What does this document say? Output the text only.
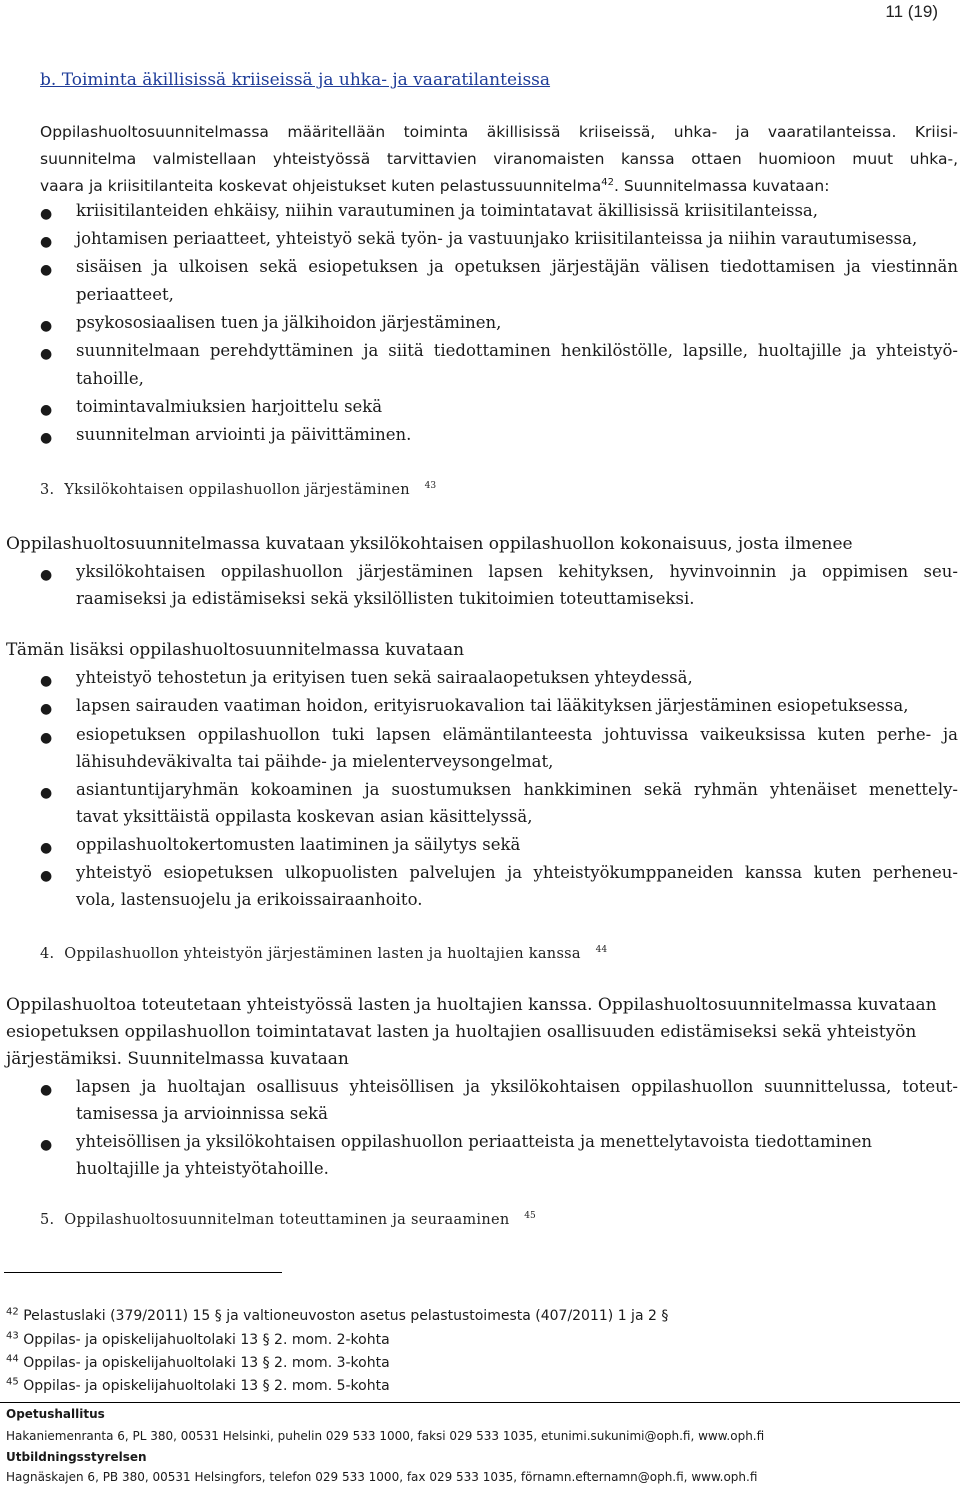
11 (19)
b. Toiminta äkillisissä kriiseissä ja uhka- ja vaaratilanteissa
Oppilashuoltosuunnitelmassa määritellään toiminta äkillisissä kriiseissä, uhka- ja vaaratilanteissa. Kriisi-
suunnitelma valmistellaan yhteistyössä tarvittavien viranomaisten kanssa ottaen huomioon muut uhka-,
vaara ja kriisitilanteita koskevat ohjeistukset kuten pelastussuunnitelma$^{42}$. Suunnitelmassa kuvataan:
● kriisitilanteiden ehkäisy, niihin varautuminen ja toimintatavat äkillisissä kriisitilanteissa,
● johtamisen periaatteet, yhteistyö sekä työn- ja vastuunjako kriisitilanteissa ja niihin varautumisessa,
● sisäisen ja ulkoisen sekä esiopetuksen ja opetuksen järjestäjän välisen tiedottamisen ja viestinnän
periaatteet,
● psykososiaalisen tuen ja jälkihoidon järjestäminen,
● suunnitelmaan perehdyttäminen ja siitä tiedottaminen henkilöstölle, lapsille, huoltajille ja yhteistyö-
tahoille,
● toimintavalmiuksien harjoittelu sekä
● suunnitelman arviointi ja päivittäminen.
3. Yksilökohtaisen oppilashuollon järjestäminen $^{43}$
Oppilashuoltosuunnitelmassa kuvataan yksilökohtaisen oppilashuollon kokonaisuus, josta ilmenee
● yksilökohtaisen oppilashuollon järjestäminen lapsen kehityksen, hyvinvoinnin ja oppimisen seu-
raamiseksi ja edistämiseksi sekä yksilöllisten tukitoimien toteuttamiseksi.
Tämän lisäksi oppilashuoltosuunnitelmassa kuvataan
● yhteistyö tehostetun ja erityisen tuen sekä sairaalaopetuksen yhteydessä,
● lapsen sairauden vaatiman hoidon, erityisruokavalion tai lääkityksen järjestäminen esiopetuksessa,
● esiopetuksen oppilashuollon tuki lapsen elämäntilanteesta johtuvissa vaikeuksissa kuten perhe- ja
lähisuhdeväkivalta tai päihde- ja mielenterveysongelmat,
● asiantuntijaryhmän kokoaminen ja suostumuksen hankkiminen sekä ryhmän yhtenäiset menettely-
tavat yksittäistä oppilasta koskevan asian käsittelyssä,
● oppilashuoltokertomusten laatiminen ja säilytys sekä
● yhteistyö esiopetuksen ulkopuolisten palvelujen ja yhteistyökumppaneiden kanssa kuten perheneu-
vola, lastensuojelu ja erikoissairaanhoito.
4. Oppilashuollon yhteistyön järjestäminen lasten ja huoltajien kanssa $^{44}$
Oppilashuoltoa toteutetaan yhteistyössä lasten ja huoltajien kanssa. Oppilashuoltosuunnitelmassa kuvataan
esiopetuksen oppilashuollon toimintatavat lasten ja huoltajien osallisuuden edistämiseksi sekä yhteistyön
järjestämiksi. Suunnitelmassa kuvataan
● lapsen ja huoltajan osallisuus yhteisöllisen ja yksilökohtaisen oppilashuollon suunnittelussa, toteut-
tamisessa ja arvioinnissa sekä
● yhteisöllisen ja yksilökohtaisen oppilashuollon periaatteista ja menettelytavoista tiedottaminen
huoltajille ja yhteistyötahoille.
5. Oppilashuoltosuunnitelman toteuttaminen ja seuraaminen $^{45}$
$^{42}$ Pelastuslaki (379/2011) 15 § ja valtioneuvoston asetus pelastustoimesta (407/2011) 1 ja 2 §
$^{43}$ Oppilas- ja opiskelijahuoltolaki 13 § 2. mom. 2-kohta
$^{44}$ Oppilas- ja opiskelijahuoltolaki 13 § 2. mom. 3-kohta
$^{45}$ Oppilas- ja opiskelijahuoltolaki 13 § 2. mom. 5-kohta
Opetushallitus
Hakaniemenranta 6, PL 380, 00531 Helsinki, puhelin 029 533 1000, faksi 029 533 1035, etunimi.sukunimi@oph.fi, www.oph.fi
Utbildningsstyrelsen
Hagnäskajen 6, PB 380, 00531 Helsingfors, telefon 029 533 1000, fax 029 533 1035, förnamn.efternamn@oph.fi, www.oph.fi
